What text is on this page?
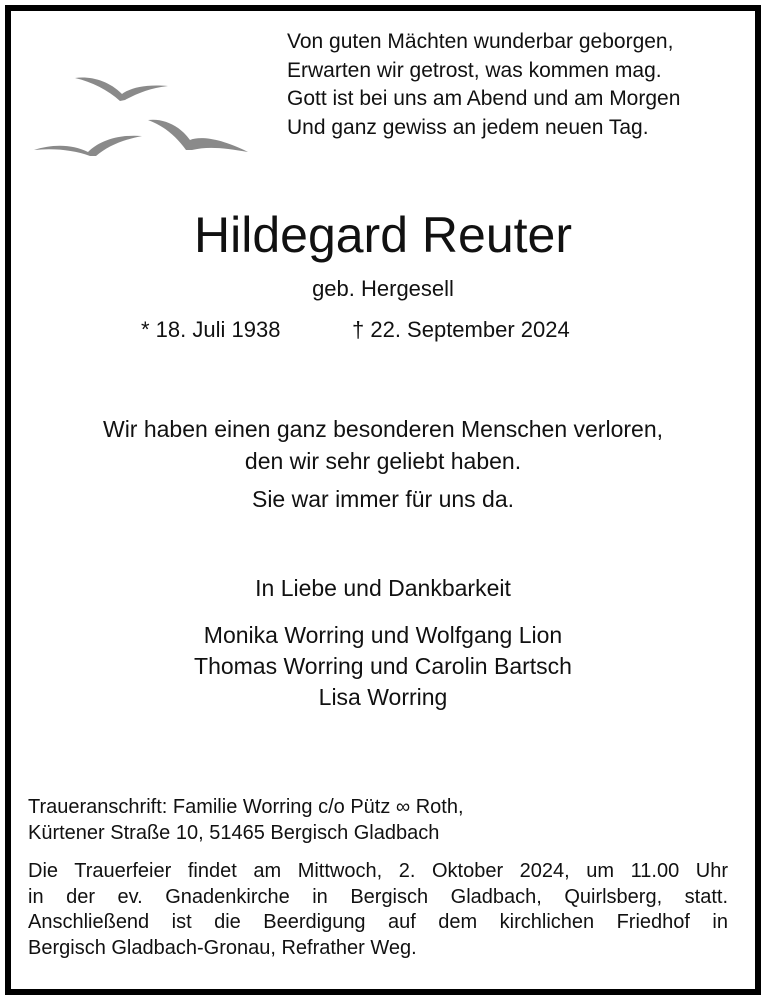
Von guten Mächten wunderbar geborgen,
Erwarten wir getrost, was kommen mag.
Gott ist bei uns am Abend und am Morgen
Und ganz gewiss an jedem neuen Tag.
Hildegard Reuter
geb. Hergesell
* 18. Juli 1938	† 22. September 2024
Wir haben einen ganz besonderen Menschen verloren,
den wir sehr geliebt haben.
Sie war immer für uns da.
In Liebe und Dankbarkeit
Monika Worring und Wolfgang Lion
Thomas Worring und Carolin Bartsch
Lisa Worring
Traueranschrift: Familie Worring c/o Pütz ∞ Roth,
Kürtener Straße 10, 51465 Bergisch Gladbach
Die Trauerfeier findet am Mittwoch, 2. Oktober 2024, um 11.00 Uhr
in der ev. Gnadenkirche in Bergisch Gladbach, Quirlsberg, statt.
Anschließend ist die Beerdigung auf dem kirchlichen Friedhof in
Bergisch Gladbach-Gronau, Refrather Weg.
